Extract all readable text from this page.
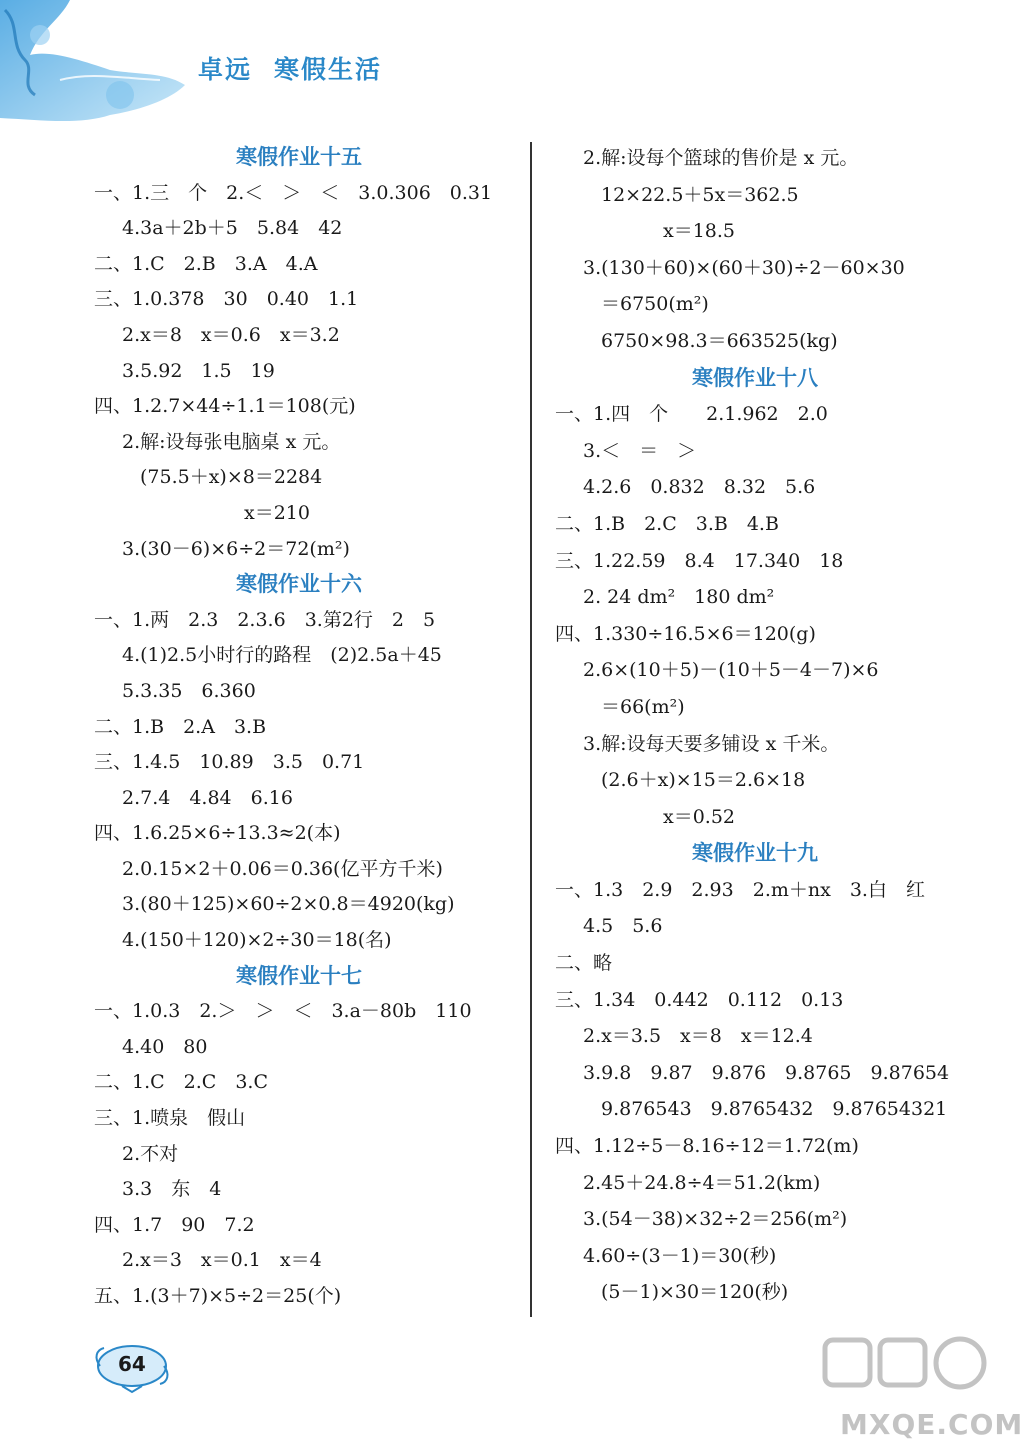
卓远 寒假生活
寒假作业十五
一、1.三　个　2.＜　＞　＜　3.0.306　0.31
4.3a＋2b＋5　5.84　42
二、1.C　2.B　3.A　4.A
三、1.0.378　30　0.40　1.1
2.x＝8　x＝0.6　x＝3.2
3.5.92　1.5　19
四、1.2.7×44÷1.1＝108(元)
2.解:设每张电脑桌 x 元。
(75.5＋x)×8＝2284
x＝210
3.(30－6)×6÷2＝72(m²)
寒假作业十六
一、1.两　2.3　2.3.6　3.第2行　2　5
4.(1)2.5小时行的路程　(2)2.5a＋45
5.3.35　6.360
二、1.B　2.A　3.B
三、1.4.5　10.89　3.5　0.71
2.7.4　4.84　6.16
四、1.6.25×6÷13.3≈2(本)
2.0.15×2＋0.06＝0.36(亿平方千米)
3.(80＋125)×60÷2×0.8＝4920(kg)
4.(150＋120)×2÷30＝18(名)
寒假作业十七
一、1.0.3　2.＞　＞　＜　3.a－80b　110
4.40　80
二、1.C　2.C　3.C
三、1.喷泉　假山
2.不对
3.3　东　4
四、1.7　90　7.2
2.x＝3　x＝0.1　x＝4
五、1.(3＋7)×5÷2＝25(个)
2.解:设每个篮球的售价是 x 元。
12×22.5＋5x＝362.5
x＝18.5
3.(130＋60)×(60＋30)÷2－60×30
＝6750(m²)
6750×98.3＝663525(kg)
寒假作业十八
一、1.四　个　　2.1.962　2.0
3.＜　＝　＞
4.2.6　0.832　8.32　5.6
二、1.B　2.C　3.B　4.B
三、1.22.59　8.4　17.340　18
2. 24 dm²　180 dm²
四、1.330÷16.5×6＝120(g)
2.6×(10＋5)－(10＋5－4－7)×6
＝66(m²)
3.解:设每天要多铺设 x 千米。
(2.6＋x)×15＝2.6×18
x＝0.52
寒假作业十九
一、1.3　2.9　2.93　2.m＋nx　3.白　红
4.5　5.6
二、略
三、1.34　0.442　0.112　0.13
2.x＝3.5　x＝8　x＝12.4
3.9.8　9.87　9.876　9.8765　9.87654
9.876543　9.8765432　9.87654321
四、1.12÷5－8.16÷12＝1.72(m)
2.45＋24.8÷4＝51.2(km)
3.(54－38)×32÷2＝256(m²)
4.60÷(3－1)＝30(秒)
(5－1)×30＝120(秒)
64
MXQE.COM
